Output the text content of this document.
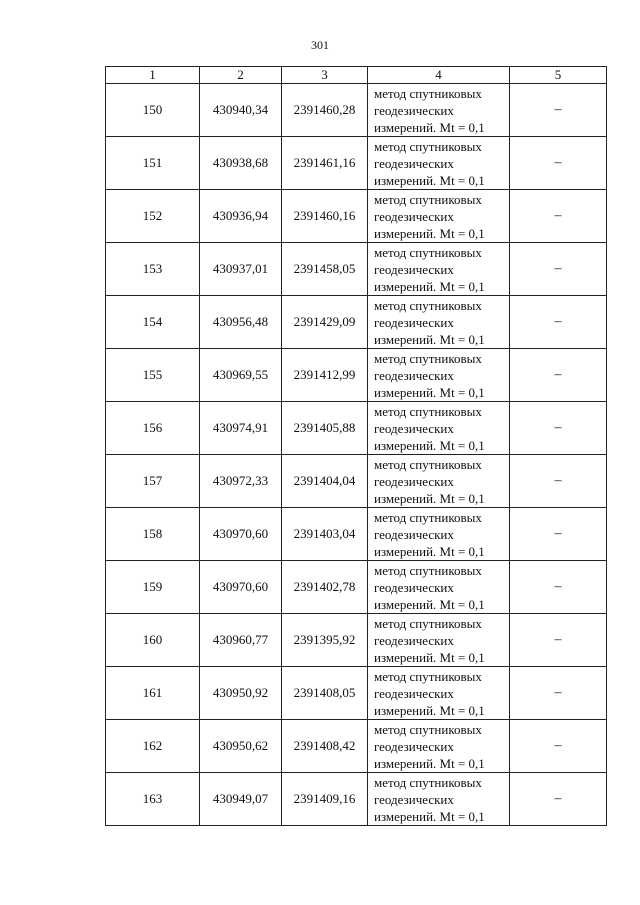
301
1	2	3	4	5
150	430940,34	2391460,28	метод спутниковых
геодезических
измерений. Mt = 0,1	–
151	430938,68	2391461,16	метод спутниковых
геодезических
измерений. Mt = 0,1	–
152	430936,94	2391460,16	метод спутниковых
геодезических
измерений. Mt = 0,1	–
153	430937,01	2391458,05	метод спутниковых
геодезических
измерений. Mt = 0,1	–
154	430956,48	2391429,09	метод спутниковых
геодезических
измерений. Mt = 0,1	–
155	430969,55	2391412,99	метод спутниковых
геодезических
измерений. Mt = 0,1	–
156	430974,91	2391405,88	метод спутниковых
геодезических
измерений. Mt = 0,1	–
157	430972,33	2391404,04	метод спутниковых
геодезических
измерений. Mt = 0,1	–
158	430970,60	2391403,04	метод спутниковых
геодезических
измерений. Mt = 0,1	–
159	430970,60	2391402,78	метод спутниковых
геодезических
измерений. Mt = 0,1	–
160	430960,77	2391395,92	метод спутниковых
геодезических
измерений. Mt = 0,1	–
161	430950,92	2391408,05	метод спутниковых
геодезических
измерений. Mt = 0,1	–
162	430950,62	2391408,42	метод спутниковых
геодезических
измерений. Mt = 0,1	–
163	430949,07	2391409,16	метод спутниковых
геодезических
измерений. Mt = 0,1	–
